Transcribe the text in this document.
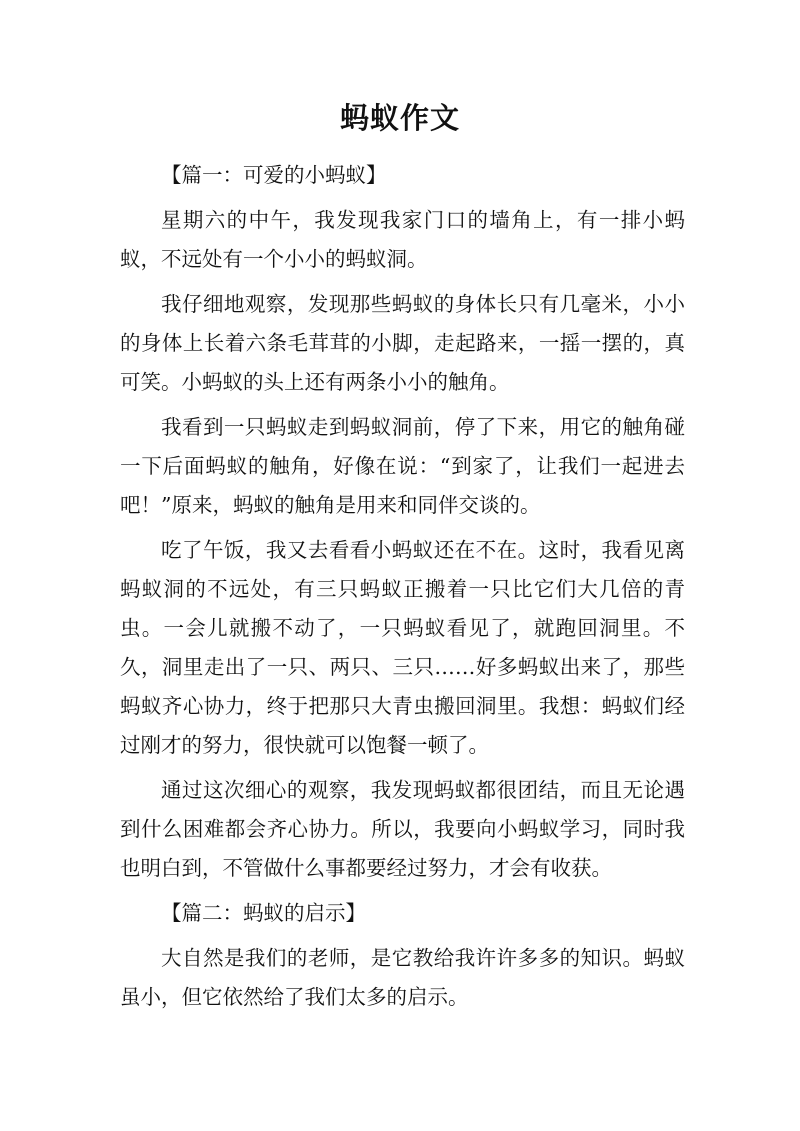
蚂蚁作文

【篇一：可爱的小蚂蚁】

星期六的中午，我发现我家门口的墙角上，有一排小蚂蚁，不远处有一个小小的蚂蚁洞。

我仔细地观察，发现那些蚂蚁的身体长只有几毫米，小小的身体上长着六条毛茸茸的小脚，走起路来，一摇一摆的，真可笑。小蚂蚁的头上还有两条小小的触角。

我看到一只蚂蚁走到蚂蚁洞前，停了下来，用它的触角碰一下后面蚂蚁的触角，好像在说：“到家了，让我们一起进去吧！”原来，蚂蚁的触角是用来和同伴交谈的。

吃了午饭，我又去看看小蚂蚁还在不在。这时，我看见离蚂蚁洞的不远处，有三只蚂蚁正搬着一只比它们大几倍的青虫。一会儿就搬不动了，一只蚂蚁看见了，就跑回洞里。不久，洞里走出了一只、两只、三只……好多蚂蚁出来了，那些蚂蚁齐心协力，终于把那只大青虫搬回洞里。我想：蚂蚁们经过刚才的努力，很快就可以饱餐一顿了。

通过这次细心的观察，我发现蚂蚁都很团结，而且无论遇到什么困难都会齐心协力。所以，我要向小蚂蚁学习，同时我也明白到，不管做什么事都要经过努力，才会有收获。

【篇二：蚂蚁的启示】

大自然是我们的老师，是它教给我许许多多的知识。蚂蚁虽小，但它依然给了我们太多的启示。
